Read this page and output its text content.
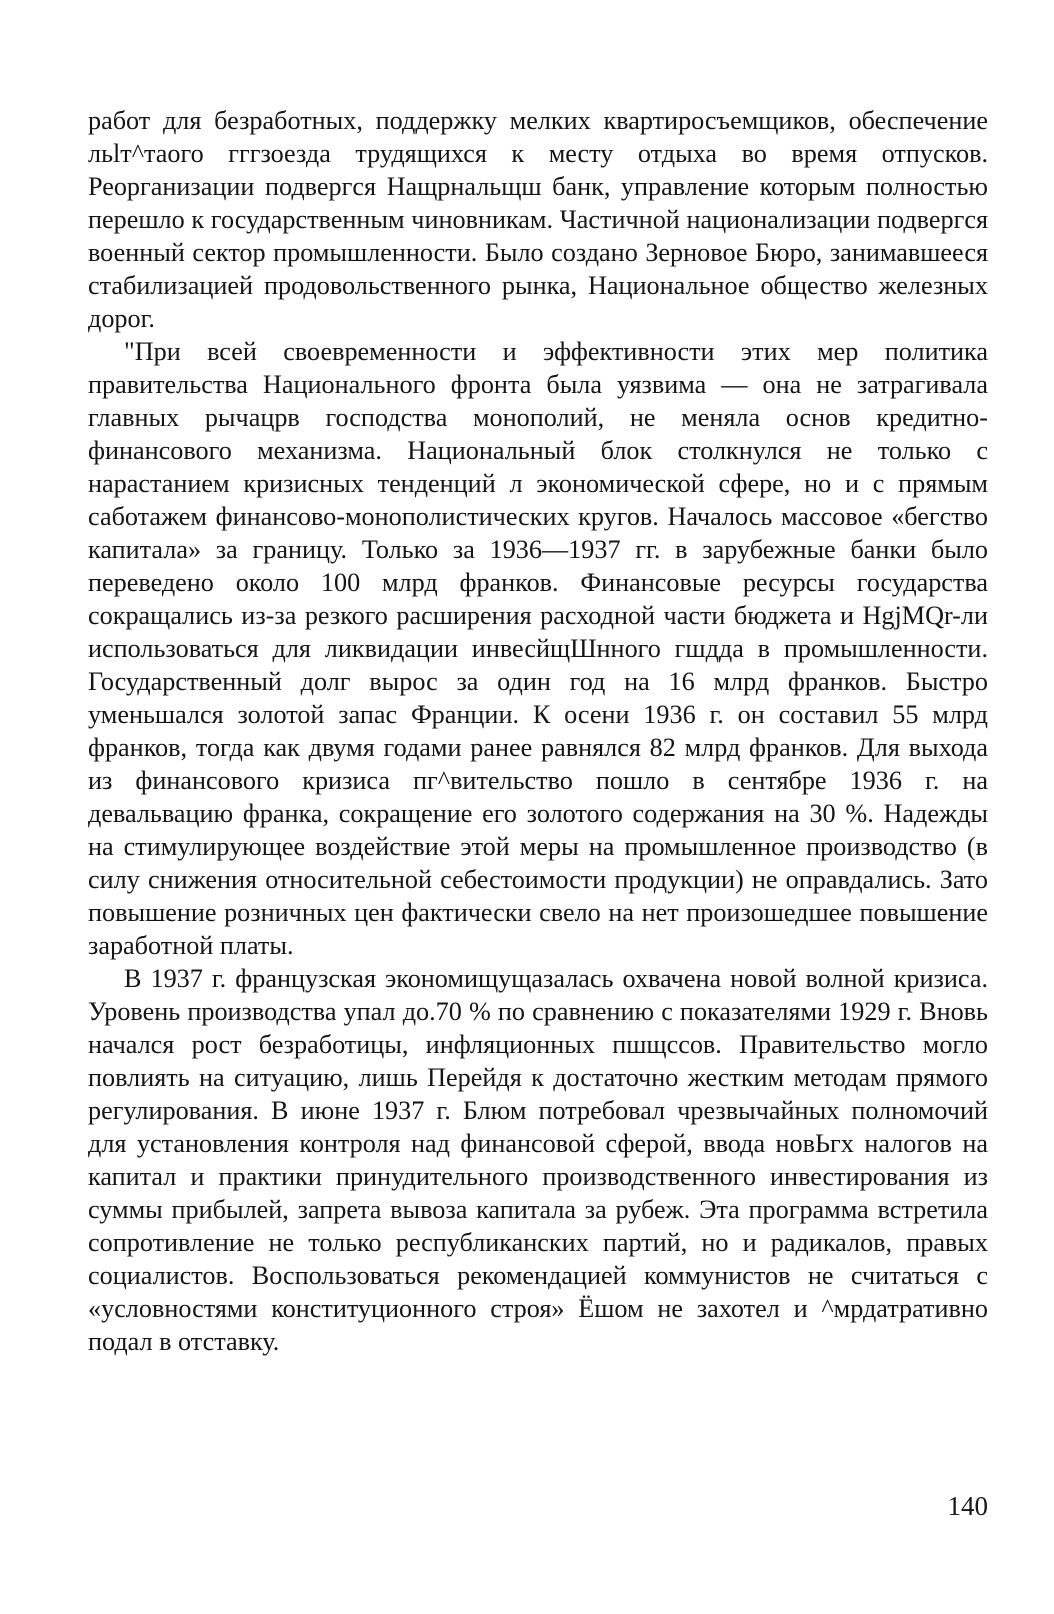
работ для безработных, поддержку мелких квартиросъемщиков, обеспечение льlт^таого гггзоезда трудящихся к месту отдыха во время отпусков. Реорганизации подвергся Нащрнальщш банк, управление которым полностью перешло к государственным чиновникам. Частичной национализации подвергся военный сектор промышленности. Было создано Зерновое Бюро, занимавшееся стабилизацией продовольственного рынка, Национальное общество железных дорог.

"При всей своевременности и эффективности этих мер политика правительства Национального фронта была уязвима — она не затрагивала главных рычацрв господства монополий, не меняла основ кредитно-финансового механизма. Национальный блок столкнулся не только с нарастанием кризисных тенденций л экономической сфере, но и с прямым саботажем финансово-монополистических кругов. Началось массовое «бегство капитала» за границу. Только за 1936—1937 гг. в зарубежные банки было переведено около 100 млрд франков. Финансовые ресурсы государства сокращались из-за резкого расширения расходной части бюджета и HgjMQr-ли использоваться для ликвидации инвесйщШнного гшдда в промышленности. Государственный долг вырос за один год на 16 млрд франков. Быстро уменьшался золотой запас Франции. К осени 1936 г. он составил 55 млрд франков, тогда как двумя годами ранее равнялся 82 млрд франков. Для выхода из финансового кризиса пг^вительство пошло в сентябре 1936 г. на девальвацию франка, сокращение его золотого содержания на 30 %. Надежды на стимулирующее воздействие этой меры на промышленное производство (в силу снижения относительной себестоимости продукции) не оправдались. Зато повышение розничных цен фактически свело на нет произошедшее повышение заработной платы.

В 1937 г. французская экономищущазалась охвачена новой волной кризиса. Уровень производства упал до.70 % по сравнению с показателями 1929 г. Вновь начался рост безработицы, инфляционных пшщссов. Правительство могло повлиять на ситуацию, лишь Перейдя к достаточно жестким методам прямого регулирования. В июне 1937 г. Блюм потребовал чрезвычайных полномочий для установления контроля над финансовой сферой, ввода новЬгх налогов на капитал и практики принудительного производственного инвестирования из суммы прибылей, запрета вывоза капитала за рубеж. Эта программа встретила сопротивление не только республиканских партий, но и радикалов, правых социалистов. Воспользоваться рекомендацией коммунистов не считаться с «условностями конституционного строя» Ёшом не захотел и ^мрдатративно подал в отставку.

140
